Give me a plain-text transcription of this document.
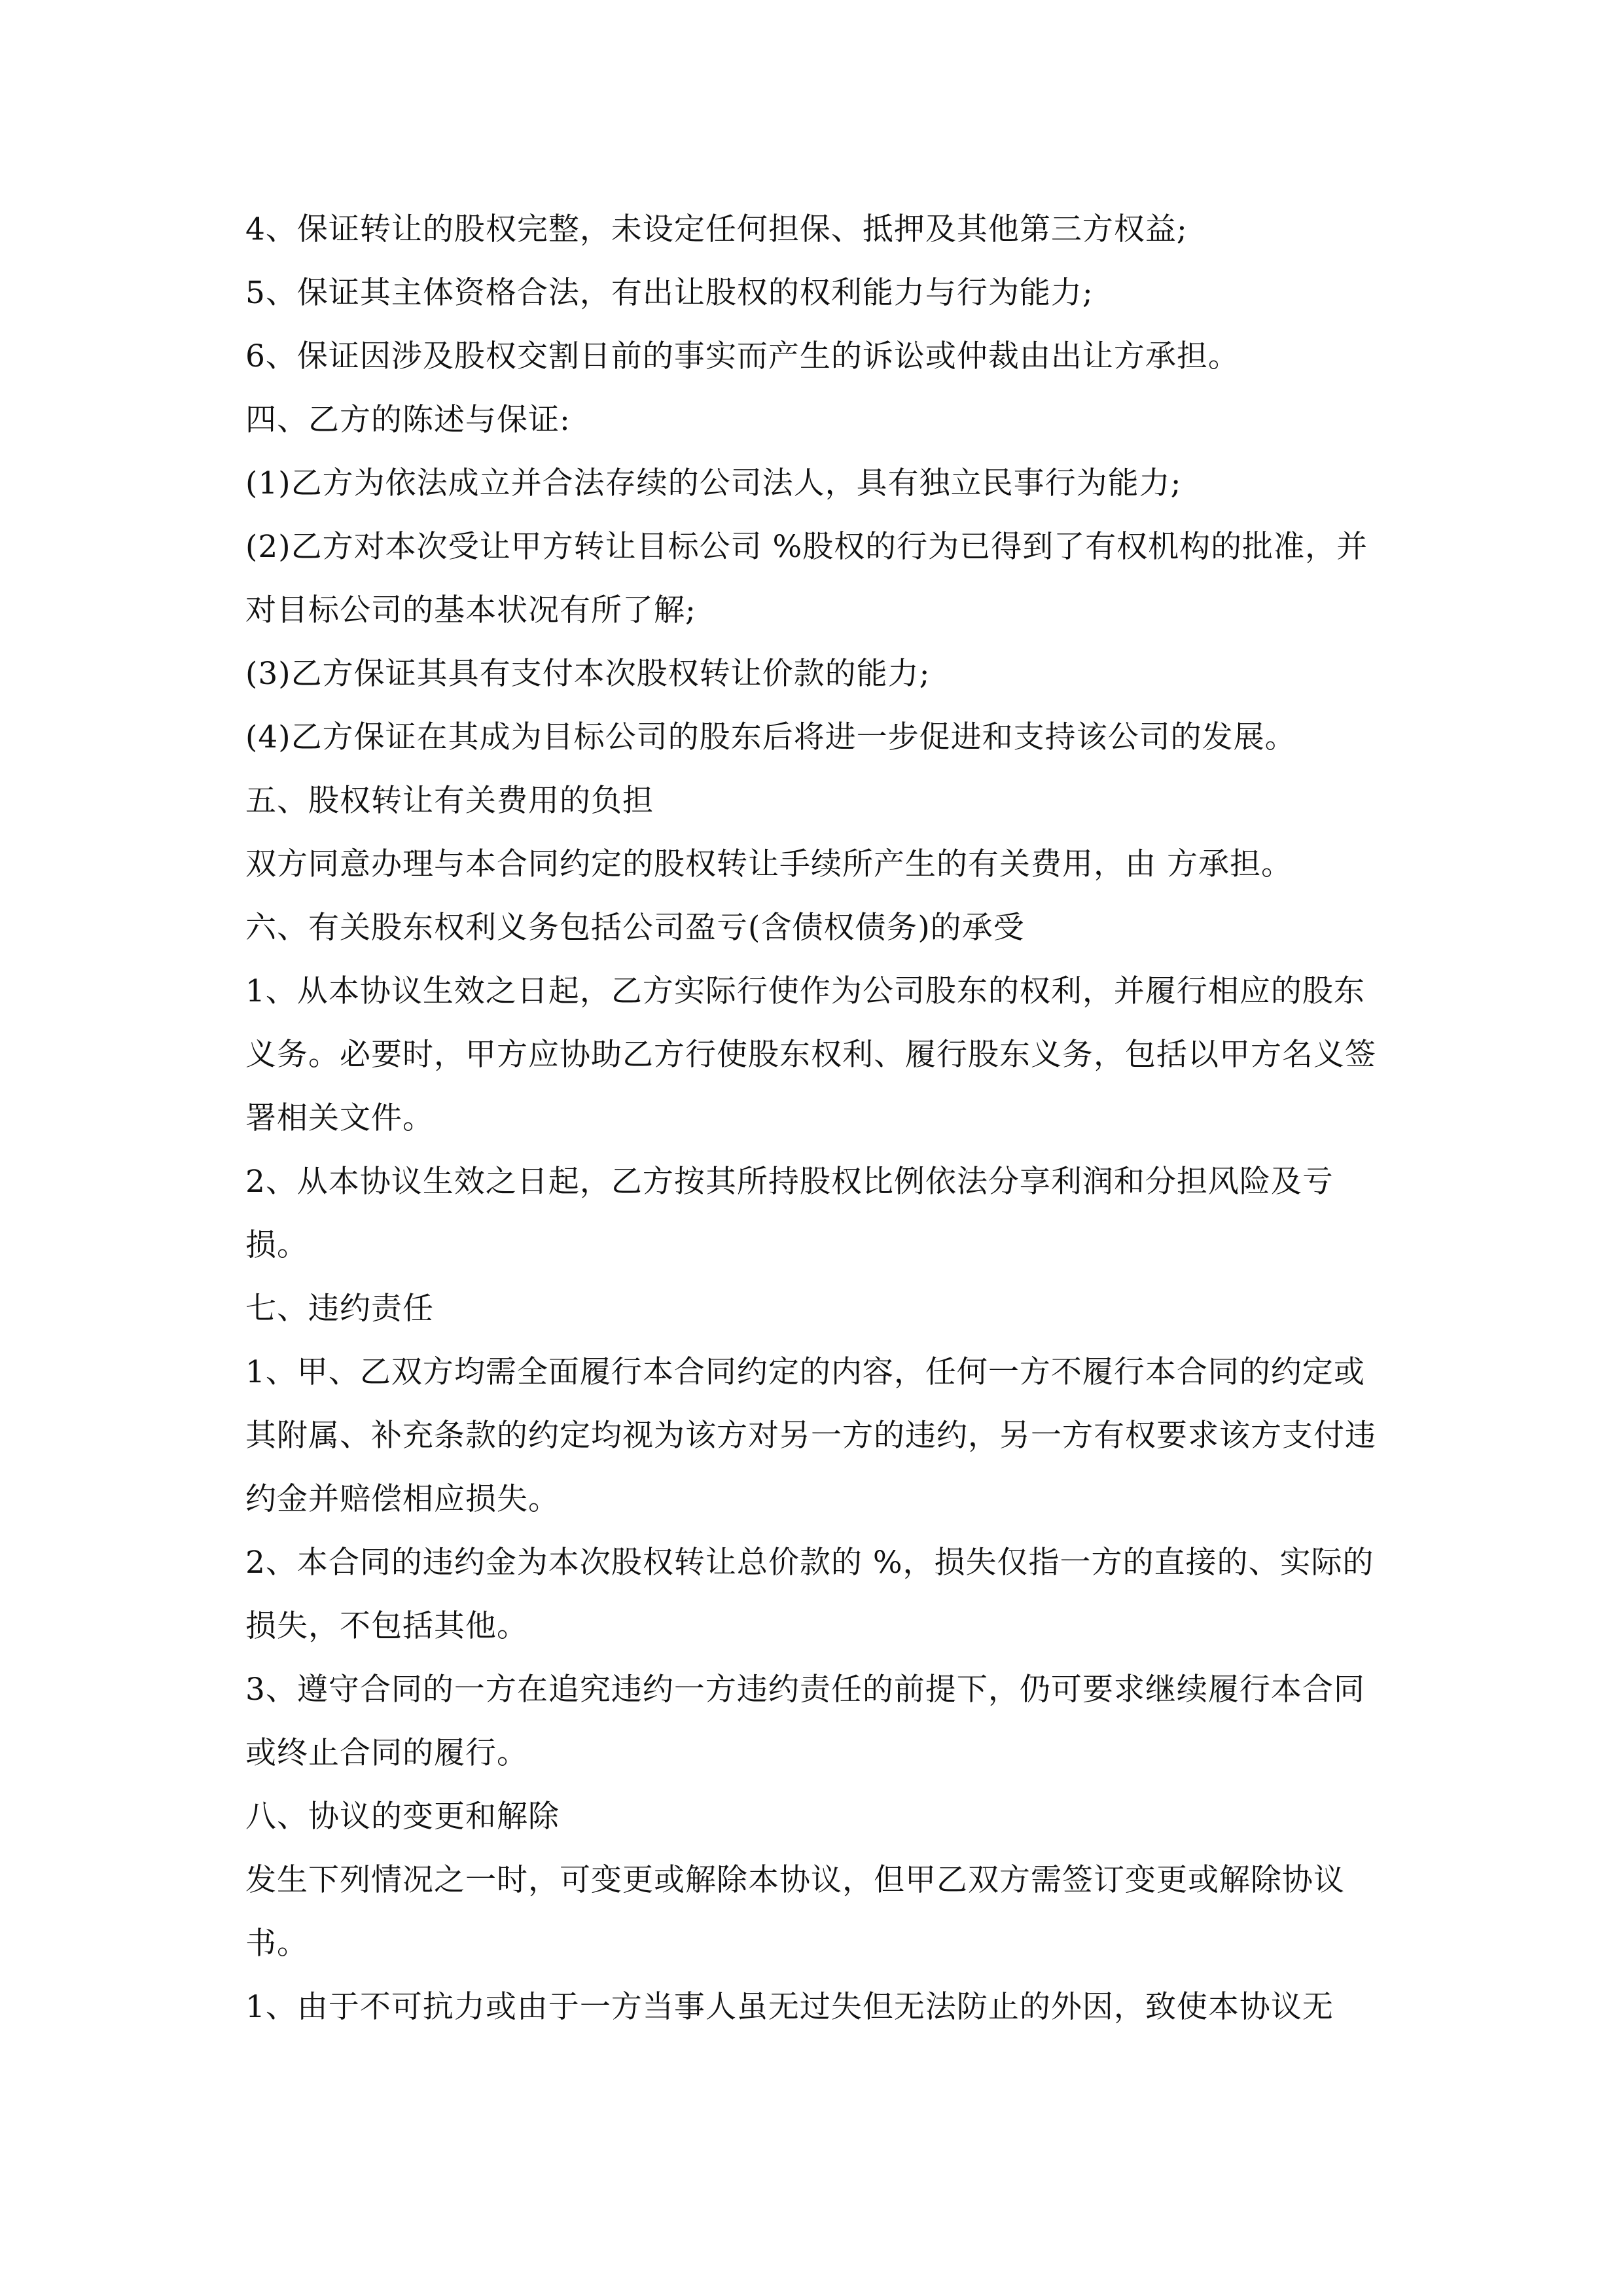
4、保证转让的股权完整，未设定任何担保、抵押及其他第三方权益;

5、保证其主体资格合法，有出让股权的权利能力与行为能力;

6、保证因涉及股权交割日前的事实而产生的诉讼或仲裁由出让方承担。

四、乙方的陈述与保证:

(1)乙方为依法成立并合法存续的公司法人，具有独立民事行为能力;

(2)乙方对本次受让甲方转让目标公司 %股权的行为已得到了有权机构的批准，并对目标公司的基本状况有所了解;

(3)乙方保证其具有支付本次股权转让价款的能力;

(4)乙方保证在其成为目标公司的股东后将进一步促进和支持该公司的发展。

五、股权转让有关费用的负担

双方同意办理与本合同约定的股权转让手续所产生的有关费用，由 方承担。

六、有关股东权利义务包括公司盈亏(含债权债务)的承受

1、从本协议生效之日起，乙方实际行使作为公司股东的权利，并履行相应的股东义务。必要时，甲方应协助乙方行使股东权利、履行股东义务，包括以甲方名义签署相关文件。

2、从本协议生效之日起，乙方按其所持股权比例依法分享利润和分担风险及亏损。

七、违约责任

1、甲、乙双方均需全面履行本合同约定的内容，任何一方不履行本合同的约定或其附属、补充条款的约定均视为该方对另一方的违约，另一方有权要求该方支付违约金并赔偿相应损失。

2、本合同的违约金为本次股权转让总价款的 %，损失仅指一方的直接的、实际的损失，不包括其他。

3、遵守合同的一方在追究违约一方违约责任的前提下，仍可要求继续履行本合同或终止合同的履行。

八、协议的变更和解除

发生下列情况之一时，可变更或解除本协议，但甲乙双方需签订变更或解除协议书。

1、由于不可抗力或由于一方当事人虽无过失但无法防止的外因，致使本协议无
